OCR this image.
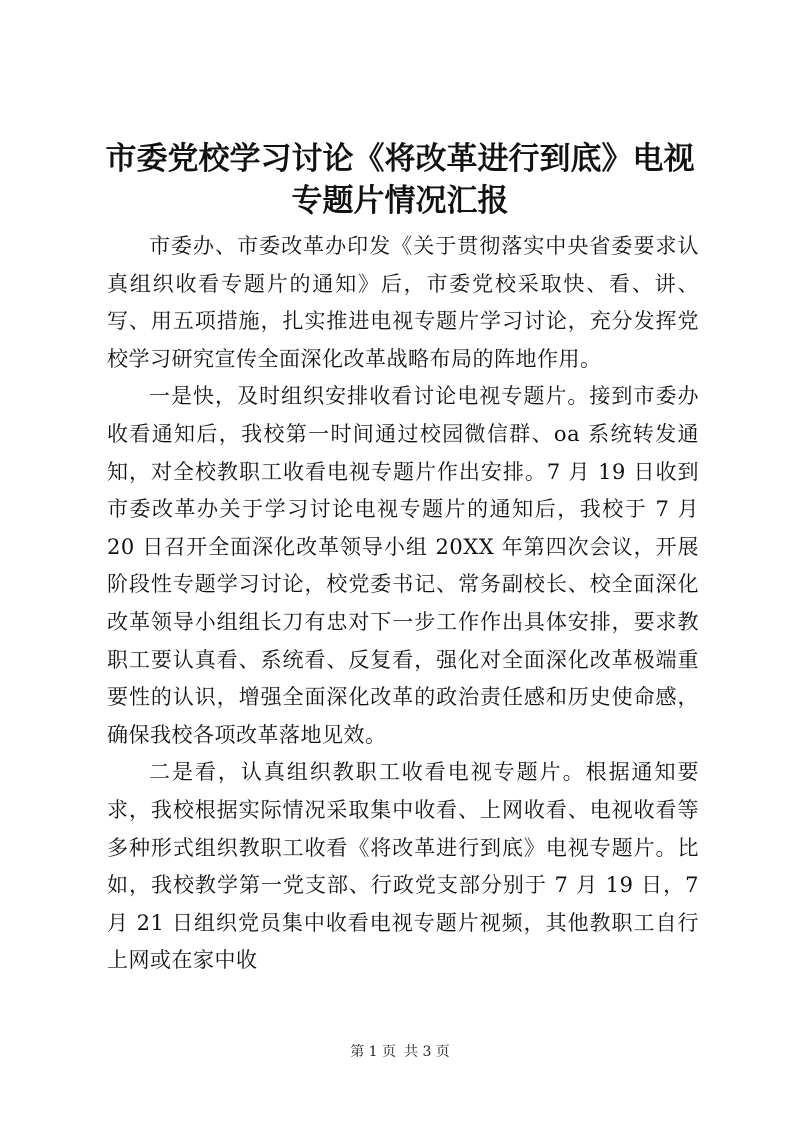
市委党校学习讨论《将改革进行到底》电视专题片情况汇报

市委办、市委改革办印发《关于贯彻落实中央省委要求认真组织收看专题片的通知》后，市委党校采取快、看、讲、写、用五项措施，扎实推进电视专题片学习讨论，充分发挥党校学习研究宣传全面深化改革战略布局的阵地作用。

一是快，及时组织安排收看讨论电视专题片。接到市委办收看通知后，我校第一时间通过校园微信群、oa 系统转发通知，对全校教职工收看电视专题片作出安排。7 月 19 日收到市委改革办关于学习讨论电视专题片的通知后，我校于 7 月 20 日召开全面深化改革领导小组 20XX 年第四次会议，开展阶段性专题学习讨论，校党委书记、常务副校长、校全面深化改革领导小组组长刀有忠对下一步工作作出具体安排，要求教职工要认真看、系统看、反复看，强化对全面深化改革极端重要性的认识，增强全面深化改革的政治责任感和历史使命感，确保我校各项改革落地见效。

二是看，认真组织教职工收看电视专题片。根据通知要求，我校根据实际情况采取集中收看、上网收看、电视收看等多种形式组织教职工收看《将改革进行到底》电视专题片。比如，我校教学第一党支部、行政党支部分别于 7 月 19 日，7 月 21 日组织党员集中收看电视专题片视频，其他教职工自行上网或在家中收

第 1 页 共 3 页
